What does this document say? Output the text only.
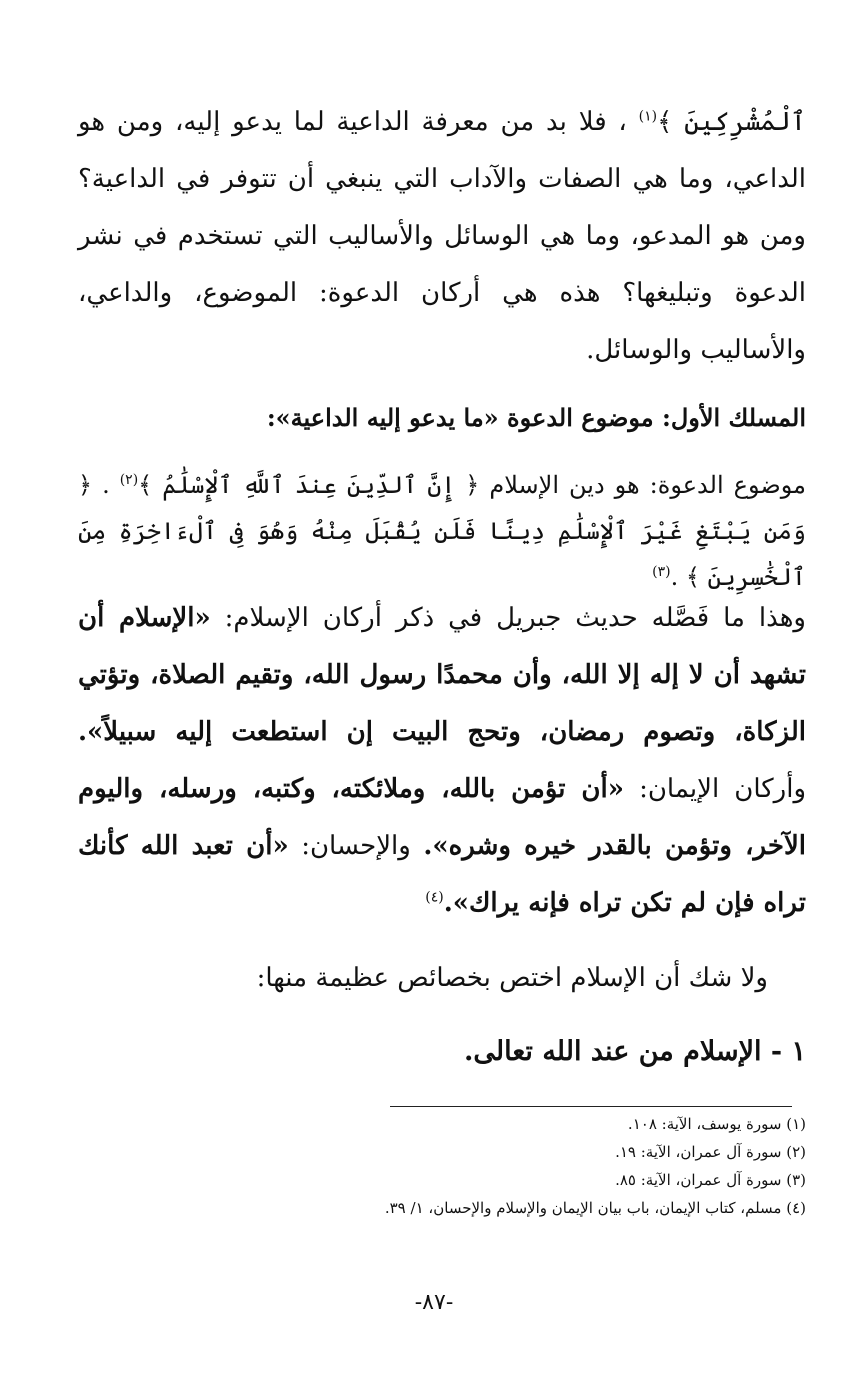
ٱلْمُشْرِكِينَ ﴾$^{(١)}$ ، فلا بد من معرفة الداعية لما يدعو إليه، ومن هو الداعي، وما هي الصفات والآداب التي ينبغي أن تتوفر في الداعية؟ ومن هو المدعو، وما هي الوسائل والأساليب التي تستخدم في نشر الدعوة وتبليغها؟ هذه هي أركان الدعوة: الموضوع، والداعي، والأساليب والوسائل.

المسلك الأول: موضوع الدعوة «ما يدعو إليه الداعية»:

موضوع الدعوة: هو دين الإسلام ﴿ إِنَّ ٱلدِّينَ عِندَ ٱللَّهِ ٱلْإِسْلَٰمُ ﴾$^{(٢)}$ . ﴿ وَمَن يَبْتَغِ غَيْرَ ٱلْإِسْلَٰمِ دِينًا فَلَن يُقْبَلَ مِنْهُ وَهُوَ فِى ٱلْءَاخِرَةِ مِنَ ٱلْخَٰسِرِينَ ﴾ .$^{(٣)}$

وهذا ما فَصَّله حديث جبريل في ذكر أركان الإسلام: «الإسلام أن تشهد أن لا إله إلا الله، وأن محمدًا رسول الله، وتقيم الصلاة، وتؤتي الزكاة، وتصوم رمضان، وتحج البيت إن استطعت إليه سبيلاً». وأركان الإيمان: «أن تؤمن بالله، وملائكته، وكتبه، ورسله، واليوم الآخر، وتؤمن بالقدر خيره وشره». والإحسان: «أن تعبد الله كأنك تراه فإن لم تكن تراه فإنه يراك».$^{(٤)}$

ولا شك أن الإسلام اختص بخصائص عظيمة منها:

١ - الإسلام من عند الله تعالى.

(١) سورة يوسف، الآية: ١٠٨.
(٢) سورة آل عمران، الآية: ١٩.
(٣) سورة آل عمران، الآية: ٨٥.
(٤) مسلم، كتاب الإيمان، باب بيان الإيمان والإسلام والإحسان، ١/ ٣٩.
-٨٧-
